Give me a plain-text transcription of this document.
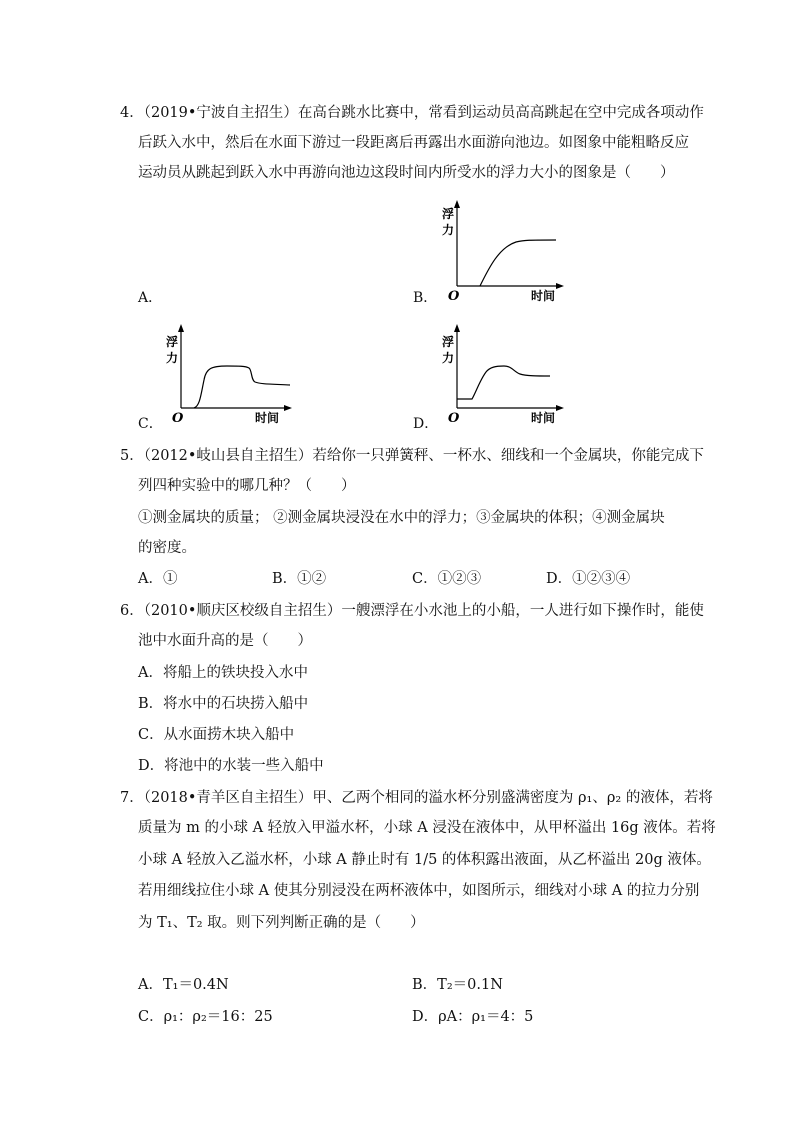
4．（2019•宁波自主招生）在高台跳水比赛中，常看到运动员高高跳起在空中完成各项动作
后跃入水中，然后在水面下游过一段距离后再露出水面游向池边。如图象中能粗略反应
运动员从跳起到跃入水中再游向池边这段时间内所受水的浮力大小的图象是（　　）
A．	B．
浮
力
O	时间
C．
浮
力
O	时间	D．
浮
力
O	时间
5．（2012•岐山县自主招生）若给你一只弹簧秤、一杯水、细线和一个金属块，你能完成下
列四种实验中的哪几种？（　　）
①测金属块的质量； ②测金属块浸没在水中的浮力；③金属块的体积；④测金属块
的密度。
A．①	B．①②	C．①②③	D．①②③④
6．（2010•顺庆区校级自主招生）一艘漂浮在小水池上的小船，一人进行如下操作时，能使
池中水面升高的是（　　）
A．将船上的铁块投入水中
B．将水中的石块捞入船中
C．从水面捞木块入船中
D．将池中的水装一些入船中
7．（2018•青羊区自主招生）甲、乙两个相同的溢水杯分别盛满密度为 ρ₁、ρ₂ 的液体，若将
质量为 m 的小球 A 轻放入甲溢水杯，小球 A 浸没在液体中，从甲杯溢出 16g 液体。若将
小球 A 轻放入乙溢水杯，小球 A 静止时有 1/5 的体积露出液面，从乙杯溢出 20g 液体。
若用细线拉住小球 A 使其分别浸没在两杯液体中，如图所示，细线对小球 A 的拉力分别
为 T₁、T₂ 取。则下列判断正确的是（　　）
A．T₁＝0.4N	B．T₂＝0.1N
C．ρ₁：ρ₂＝16：25	D．ρA：ρ₁＝4：5
